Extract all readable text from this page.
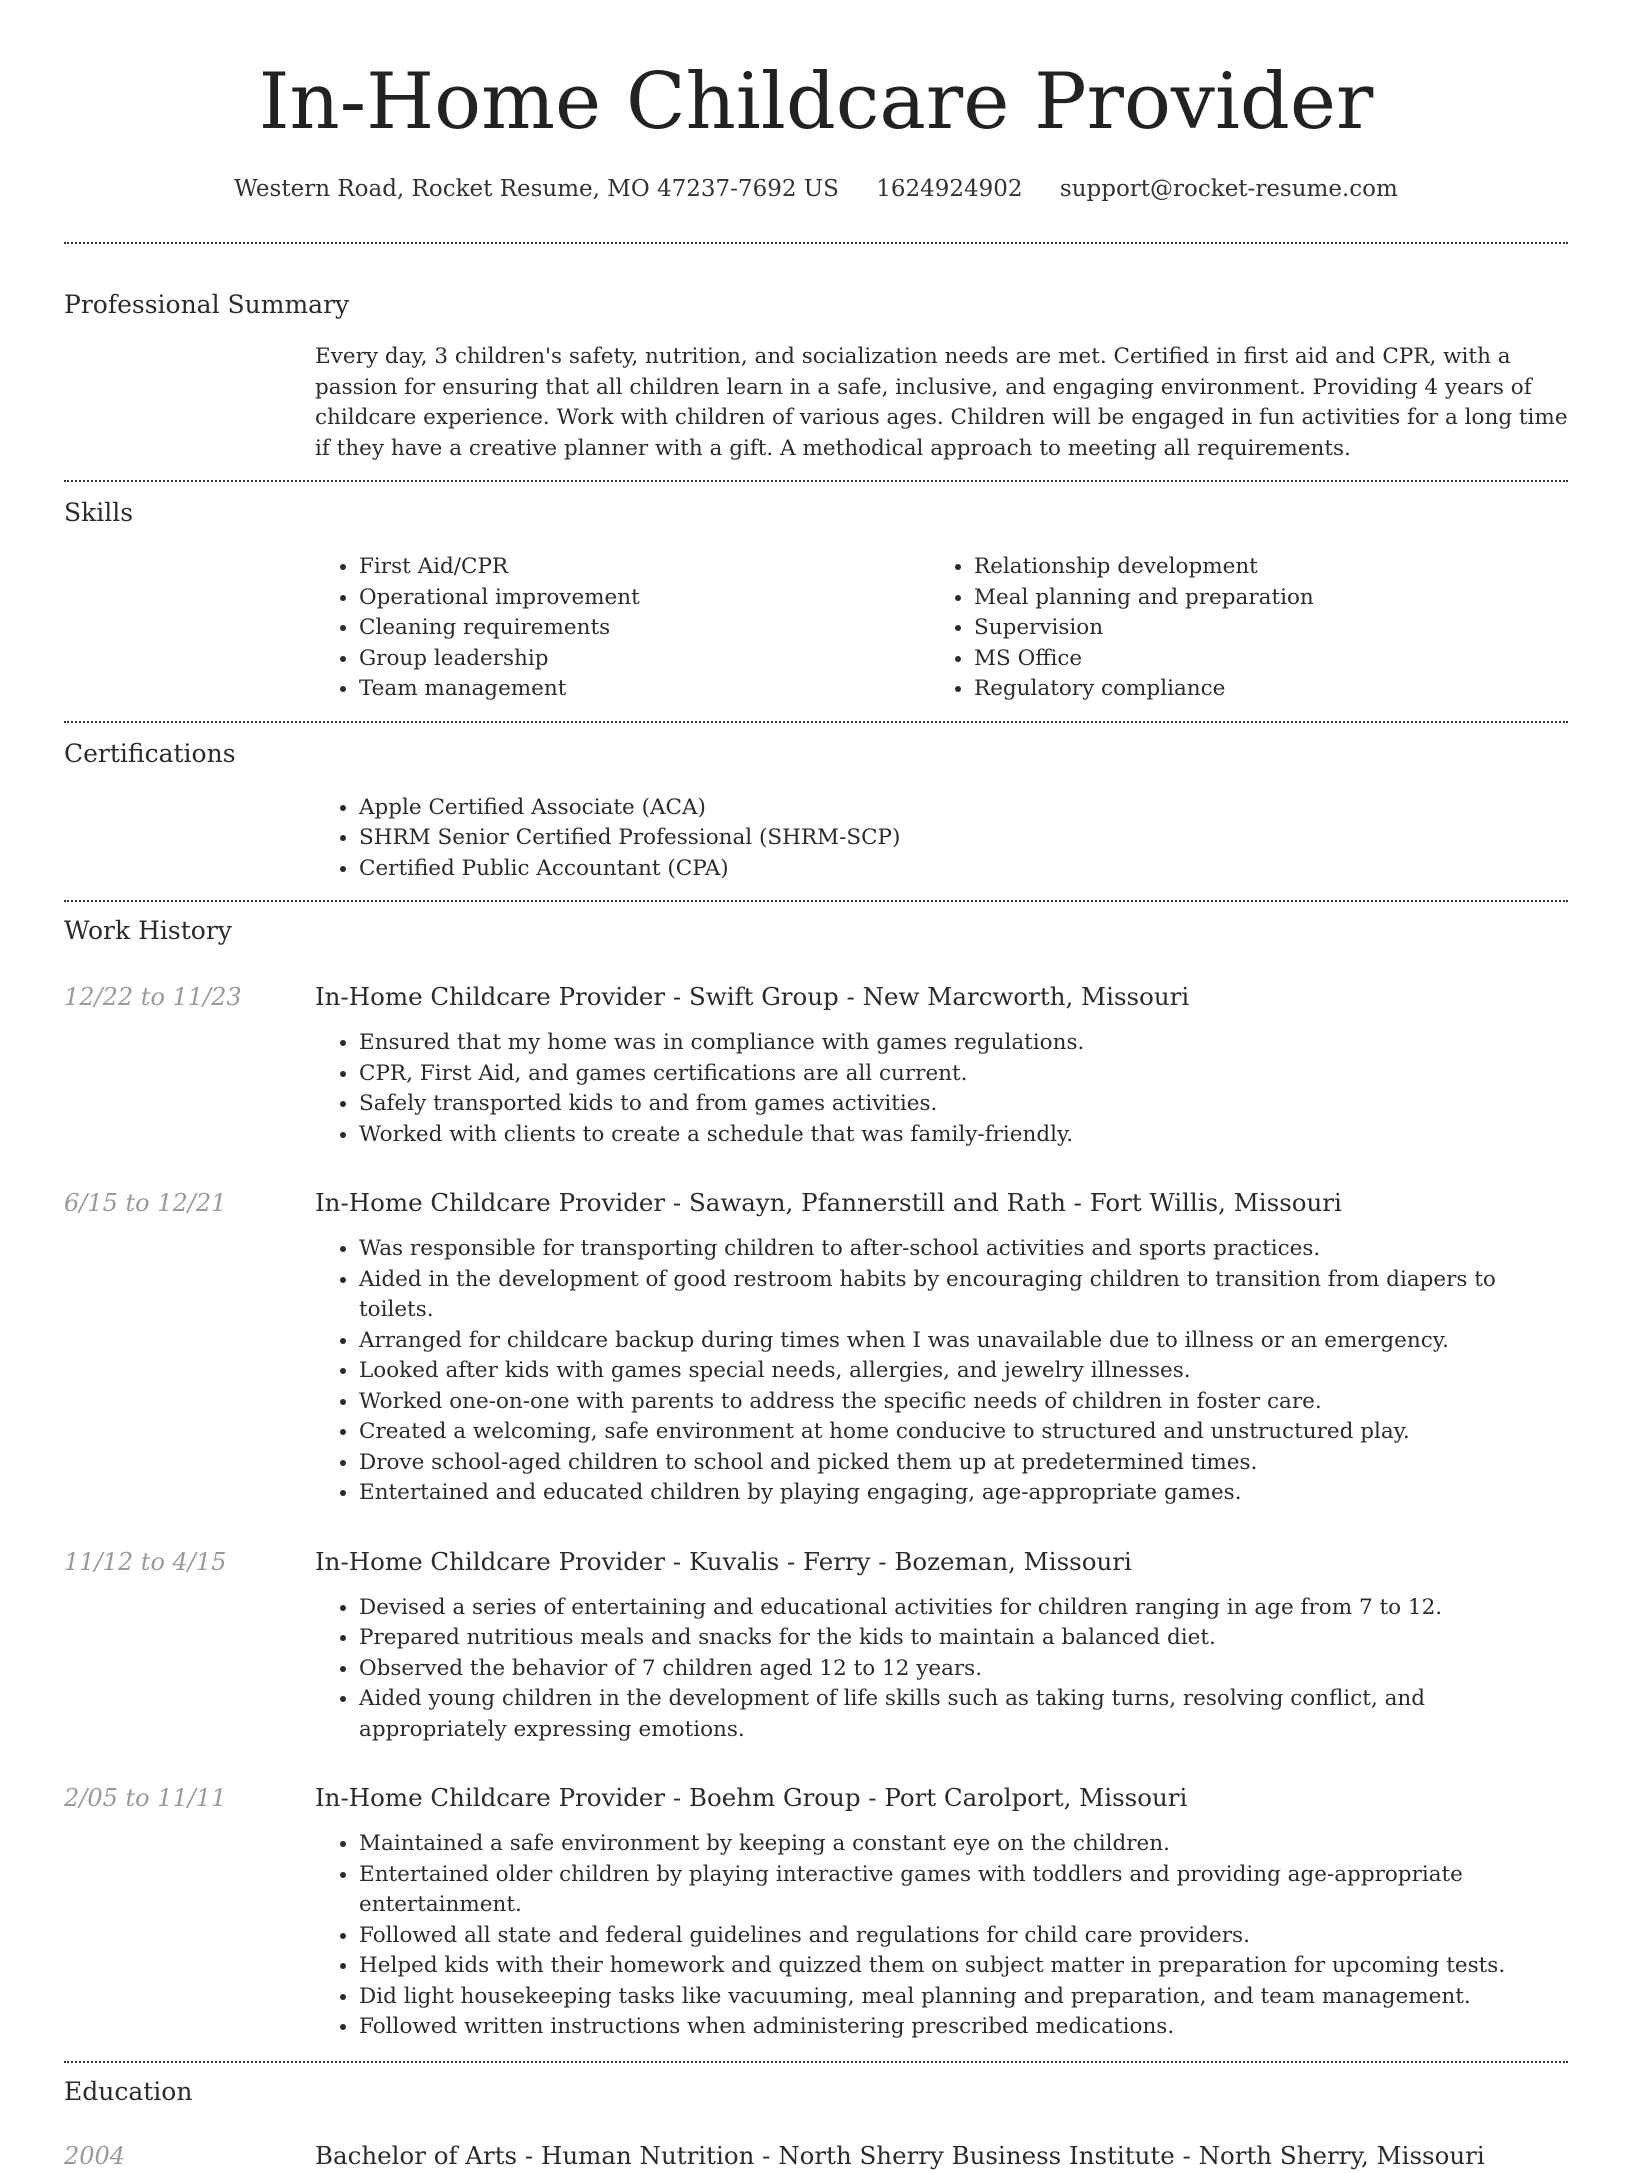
In-Home Childcare Provider
Western Road, Rocket Resume, MO 47237-7692 US 1624924902 support@rocket-resume.com
Professional Summary
Every day, 3 children's safety, nutrition, and socialization needs are met. Certified in first aid and CPR, with a passion for ensuring that all children learn in a safe, inclusive, and engaging environment. Providing 4 years of childcare experience. Work with children of various ages. Children will be engaged in fun activities for a long time if they have a creative planner with a gift. A methodical approach to meeting all requirements.
Skills
• First Aid/CPR
• Operational improvement
• Cleaning requirements
• Group leadership
• Team management
• Relationship development
• Meal planning and preparation
• Supervision
• MS Office
• Regulatory compliance
Certifications
• Apple Certified Associate (ACA)
• SHRM Senior Certified Professional (SHRM-SCP)
• Certified Public Accountant (CPA)
Work History
12/22 to 11/23	In-Home Childcare Provider - Swift Group - New Marcworth, Missouri
• Ensured that my home was in compliance with games regulations.
• CPR, First Aid, and games certifications are all current.
• Safely transported kids to and from games activities.
• Worked with clients to create a schedule that was family-friendly.
6/15 to 12/21	In-Home Childcare Provider - Sawayn, Pfannerstill and Rath - Fort Willis, Missouri
• Was responsible for transporting children to after-school activities and sports practices.
• Aided in the development of good restroom habits by encouraging children to transition from diapers to toilets.
• Arranged for childcare backup during times when I was unavailable due to illness or an emergency.
• Looked after kids with games special needs, allergies, and jewelry illnesses.
• Worked one-on-one with parents to address the specific needs of children in foster care.
• Created a welcoming, safe environment at home conducive to structured and unstructured play.
• Drove school-aged children to school and picked them up at predetermined times.
• Entertained and educated children by playing engaging, age-appropriate games.
11/12 to 4/15	In-Home Childcare Provider - Kuvalis - Ferry - Bozeman, Missouri
• Devised a series of entertaining and educational activities for children ranging in age from 7 to 12.
• Prepared nutritious meals and snacks for the kids to maintain a balanced diet.
• Observed the behavior of 7 children aged 12 to 12 years.
• Aided young children in the development of life skills such as taking turns, resolving conflict, and appropriately expressing emotions.
2/05 to 11/11	In-Home Childcare Provider - Boehm Group - Port Carolport, Missouri
• Maintained a safe environment by keeping a constant eye on the children.
• Entertained older children by playing interactive games with toddlers and providing age-appropriate entertainment.
• Followed all state and federal guidelines and regulations for child care providers.
• Helped kids with their homework and quizzed them on subject matter in preparation for upcoming tests.
• Did light housekeeping tasks like vacuuming, meal planning and preparation, and team management.
• Followed written instructions when administering prescribed medications.
Education
2004	Bachelor of Arts - Human Nutrition - North Sherry Business Institute - North Sherry, Missouri
